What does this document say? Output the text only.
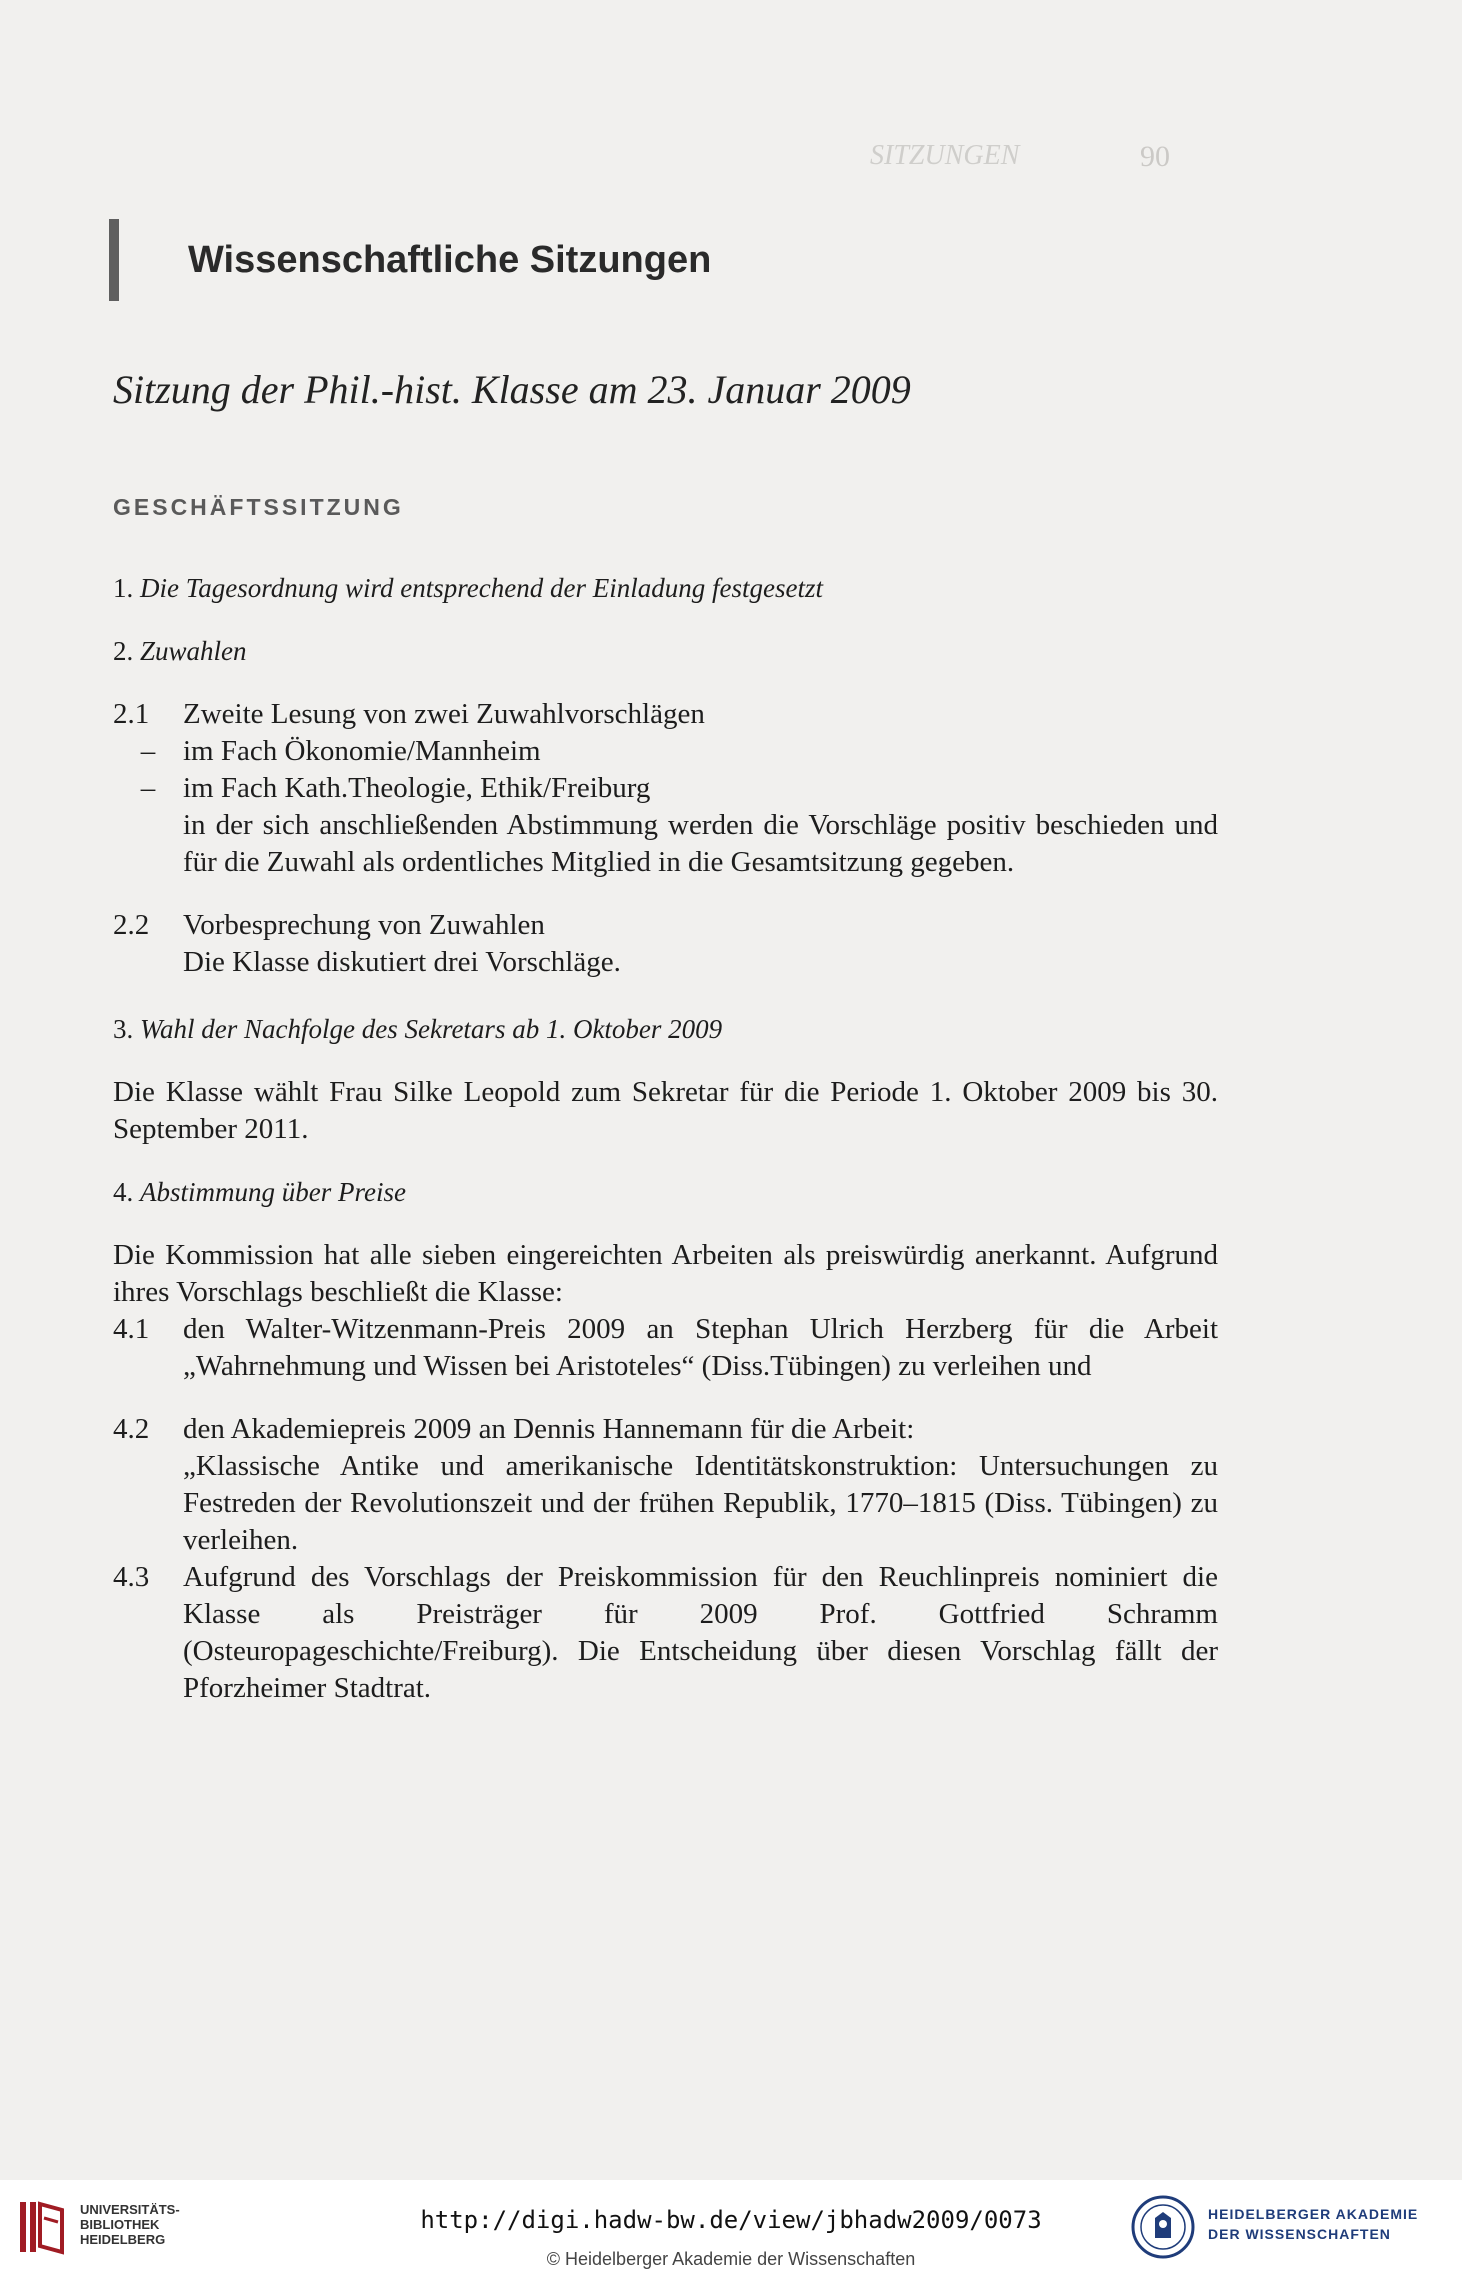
SITZUNGEN	90
Wissenschaftliche Sitzungen
Sitzung der Phil.-hist. Klasse am 23. Januar 2009
GESCHÄFTSSITZUNG

1. Die Tagesordnung wird entsprechend der Einladung festgesetzt

2. Zuwahlen

2.1	Zweite Lesung von zwei Zuwahlvorschlägen
– im Fach Ökonomie/Mannheim
– im Fach Kath.Theologie, Ethik/Freiburg

in der sich anschließenden Abstimmung werden die Vorschläge positiv beschieden und für die Zuwahl als ordentliches Mitglied in die Gesamtsitzung gegeben.

2.2	Vorbesprechung von Zuwahlen

Die Klasse diskutiert drei Vorschläge.

3. Wahl der Nachfolge des Sekretars ab 1. Oktober 2009

Die Klasse wählt Frau Silke Leopold zum Sekretar für die Periode 1. Oktober 2009 bis 30. September 2011.

4. Abstimmung über Preise

Die Kommission hat alle sieben eingereichten Arbeiten als preiswürdig anerkannt. Aufgrund ihres Vorschlags beschließt die Klasse:

4.1	den Walter-Witzenmann-Preis 2009 an Stephan Ulrich Herzberg für die Arbeit „Wahrnehmung und Wissen bei Aristoteles“ (Diss.Tübingen) zu verleihen und
4.2	den Akademiepreis 2009 an Dennis Hannemann für die Arbeit:

„Klassische Antike und amerikanische Identitätskonstruktion: Untersuchungen zu Festreden der Revolutionszeit und der frühen Republik, 1770–1815 (Diss. Tübingen) zu verleihen.

4.3	Aufgrund des Vorschlags der Preiskommission für den Reuchlinpreis nominiert die Klasse als Preisträger für 2009 Prof. Gottfried Schramm (Osteuropageschichte/Freiburg). Die Entscheidung über diesen Vorschlag fällt der Pforzheimer Stadtrat.
UNIVERSITÄTS-
BIBLIOTHEK
HEIDELBERG
http://digi.hadw-bw.de/view/jbhadw2009/0073
© Heidelberger Akademie der Wissenschaften
HEIDELBERGER AKADEMIE
DER WISSENSCHAFTEN
